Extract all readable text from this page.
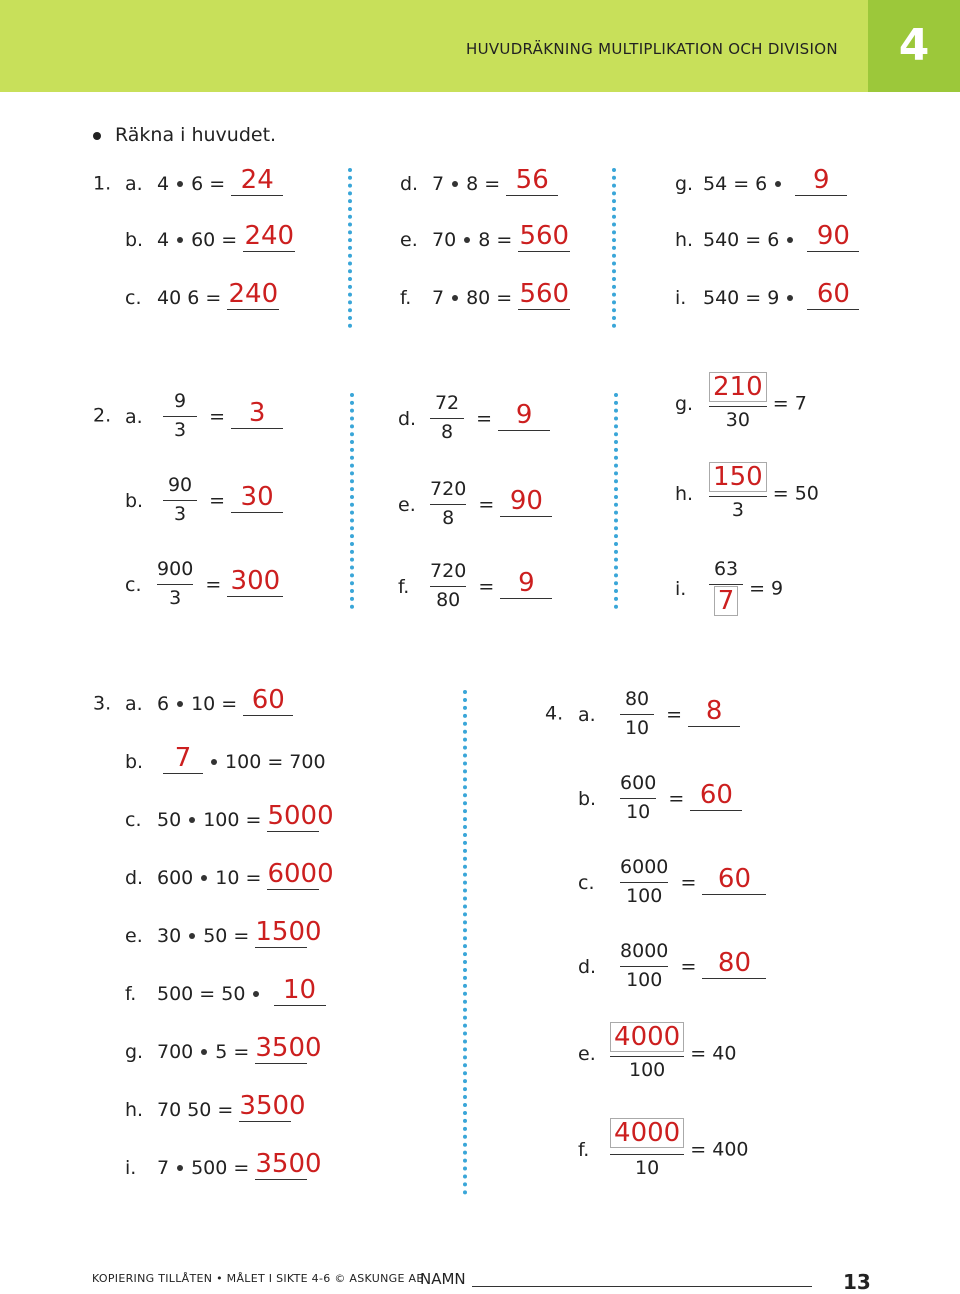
4
HUVUDRÄKNING MULTIPLIKATION OCH DIVISION
Räkna i huvudet.
1. a. 4 6 = 24
b. 4 60 = 240
c. 40 6 = 240
d. 7 8 = 56
e. 70 8 = 560
f. 7 80 = 560
g. 54 = 6	9
h. 540 = 6	90
i. 540 = 9	60
2. a. $\frac{9}{3} = 3$
b. $\frac{90}{3} = 30$
c. $\frac{900}{3} = 300$
d. $\frac{72}{8} = 9$
e. $\frac{720}{8} = 90$
f. $\frac{720}{80} = 9$
g. $\frac{210}{30} = 7$
h. $\frac{150}{3} = 50$
i. $\frac{63}{7} = 9$
3. a. 6 10 = 60
b.	7	100 = 700
c. 50 100 = 5000
d. 600 10 = 6000
e. 30 50 = 1500
f. 500 = 50	10
g. 700 5 = 3500
h. 70 50 = 3500
i. 7 500 = 3500
4. a. $\frac{80}{10} = 8$
b. $\frac{600}{10} = 60$
c. $\frac{6000}{100} = 60$
d. $\frac{8000}{100} = 80$
e. $\frac{4000}{100} = 40$
f. $\frac{4000}{10} = 400$
KOPIERING TILLÅTEN • MÅLET I SIKTE 4-6 © ASKUNGE AB
NAMN	13
